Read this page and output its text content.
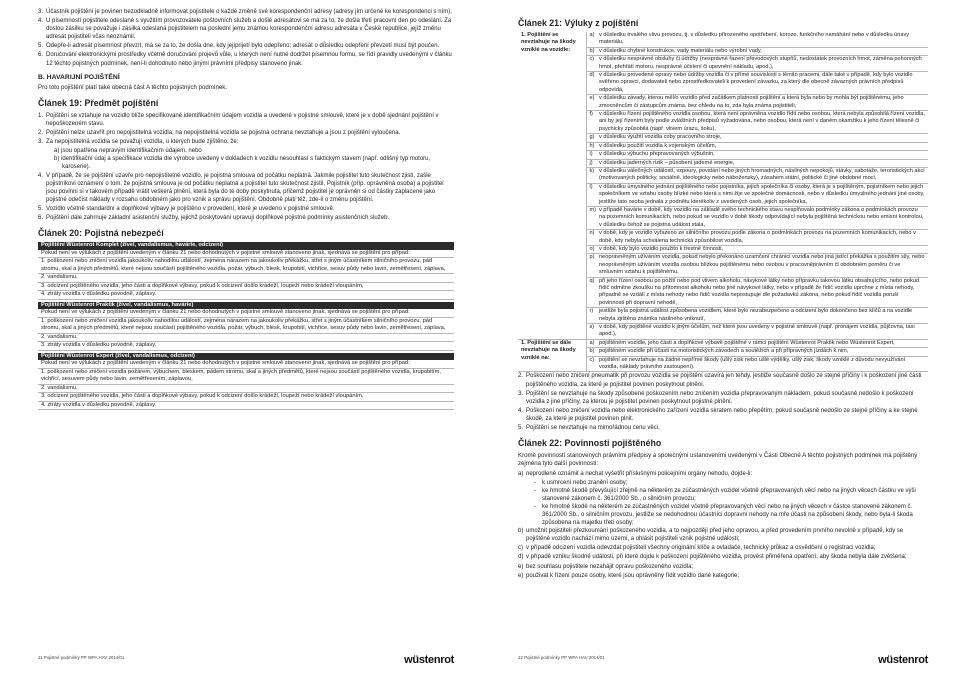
3. Účastník pojištění je povinen bezodkladně informovat pojistitele o každé změně své korespondenční adresy (adresy jím určené ke korespondenci s ním).
4. U písemností pojistitele odeslané s využitím provozovatele poštovních služeb a došlé adresátovi se má za to, že došla třetí pracovní den po odeslání. Za doslou zásilku se považuje i zásilka odeslaná pojistitelem na poslední jemu známou korespondenční adresu adresáta v České republice, jejíž změnu adresát pojistiteli včas neoznámil.
5. Odepře-li adresát písemnost převzít, má se za to, že došla dne, kdy jejíprijetí bylo odepřeno; adresát o důsledku odepření převzetí musí být poučen.
6. Doručování elektronickými prostředky včetně doručování projevů vůle, u kterých není nutné dodržet písemnou formu, se řídí pravidly uvedenými v článku 12 těchto pojistných podmínek, není-li dohodnuto nebo jinými právními předpisy stanoveno jinak.
B. HAVARIJNÍ POJIŠTĚNÍ
Pro toto pojištění platí také obecná část A těchto pojistných podmínek.
Článek 19: Předmět pojištění
1. Pojištění se vztahuje na vozidlo blíže specifikované identifikačním údajem vozidla a uvedené v pojistné smlouvě, které je v době sjednání pojištění v nepoškozeném stavu.
2. Pojištění nelze uzavřít pro nepojistitelná vozidla; na nepojistitelná vozidla se pojistná ochrana nevztahuje a jsou z pojištění vyloučena.
3. Za nepojistitelná vozidla se považují vozidla, u kterých bude zjištěno, že:
a) jsou opatřena nepravým identifikačním údajem, nebo
b) identifikační údaj a specifikace vozidla dle výrobce uvedený v dokladech k vozidlu nesouhlasí s faktickým stavem (např. odlišný typ motoru, karoserie).
4. V případě, že se pojištění uzavře pro nepojistitelné vozidlo, je pojistná smlouva od počátku neplatná. Jakmile pojistitel tuto skutečnost zjistí, zašle pojistníkovi oznámení o tom, že pojistná smlouva je od počátku neplatná a pojistitel tuto skutečnost zjistil. Pojistník (příp. oprávněná osoba) a pojistitel jsou povinni si v takovém případě vrátit veškerá plnění, která byla do té doby poskytnuta, přičemž pojistitel je oprávněn si od částky zaplacené jako pojistné odečíst náklady v rozsahu obdobném jako pro vznik a správu pojištění. Obdobně platí též, zde-li o změnu pojištění.
5. Vozidlo včetně standardní a doplňkové výbavy je pojištěno v provedení, které je uvedeno v pojistné smlouvě.
6. Pojištění dále zahrnuje základní asistenční služby, jejichž poskytování upravují doplňkové pojistné podmínky asistenčních služeb.
Článek 20: Pojistná nebezpečí
Pojištění Wüstenrot Komplet (živel, vandalismus, havárie, odcizení)
Pokud není ve výlukách z pojištění uvedeným v článku 21 nebo dohodnutých v pojistné smlouvě stanoveno jinak, sjednává se pojištění pro případ:
1. poškození nebo zničení vozidla jakoukoliv nahodilou událostí, zejména nárazem na jakoukoliv překážku, střet s jiným účastníkem silničního provozu, pád stromu, skal a jiných předmětů, které nejsou součástí pojištěného vozidla, požár, výbuch, blesk, krupobití, vichřice, sesuv půdy nebo lavin, zemětřesení, záplava,
2. vandalismu,
3. odcizení pojištěného vozidla, jeho části a doplňkové výbavy, pokud k odcizení došlo krádeží, loupeží nebo krádeží vloupáním,
4. ztráty vozidla v důsledku povodně, záplavy.
Pojištění Wüstenrot Praktik (živel, vandalismus, havárie)
Pokud není ve výlukách z pojištění uvedeným v článku 21 nebo dohodnutých v pojistné smlouvě stanoveno jinak, sjednává se pojištění pro případ:
1. poškození nebo zničení vozidla jakoukoliv nahodilou událostí, zejména nárazem na jakoukoliv překážku, střet s jiným účastníkem silničního provozu, pád stromu, skal a jiných předmětů, které nejsou součástí pojištěného vozidla, požár, výbuch, blesk, krupobití, vichřice, sesuv půdy nebo lavin, zemětřesení, záplava,
2. vandalismu,
3. ztráty vozidla v důsledku povodně, záplavy.
Pojištění Wüstenrot Expert (živel, vandalismus, odcizení)
Pokud není ve výlukách z pojištění uvedeným v článku 21 nebo dohodnutých v pojistné smlouvě stanoveno jinak, sjednává se pojištění pro případ:
1. poškození nebo zničení vozidla požárem, výbuchem, bleskem, pádem stromu, skal a jiných předmětů, které nejsou součástí pojištěného vozidla, krupobitím, vichřicí, sesuvem půdy nebo lavin, zemětřesením, záplavou,
2. vandalismu,
3. odcizení pojištěného vozidla, jeho části a doplňkové výbavy, pokud k odcizení došlo krádeží, loupeží nebo krádeží vloupáním,
4. ztráty vozidla v důsledku povodně, záplavy.
11 Pojistné podmínky PP WPA HAV 2014/01	wüstenrot
Článek 21: Výluky z pojištění
1. Pojištění se nevztahuje na škody vzniklé na vozidle:	a)	v důsledku trvalého vlivu provozu, tj. v důsledku přirozeného opotřebení, koroze, funkčního namáhání nebo v důsledku únavy materiálu,
	b)	v důsledku chybné konstrukce, vady materiálu nebo výrobní vady,
	c)	v důsledku nesprávné obsluhy či údržby (nesprávné řazení převodových stupňů, nedostatek provozních hmot, záměna pohonných hmot, přehřátí motoru, nesprávné účelení či upevnění nákladu, apod.),
	d)	v důsledku provedené opravy nebo údržby vozidla či v přímé souvislosti s těmito pracemi, dále také v případě, kdy bylo vozidlo svěřeno opravci, dodavateli nebo zprostředkovateli k provedení závazku, za který dle obecně závazných právních předpisů odpovídá,
	e)	v důsledku závady, kterou měl/o vozidlo před začátkem platnosti pojištění a která byla nebo by mohla být pojištěnému, jeho zmocněncům či zástupcům známa, bez ohledu na to, zda byla známa pojistiteli,
	f)	v důsledku řízení pojištěného vozidla osobou, která není oprávněna vozidlo řídit nebo osobou, která nebyla způsobilá řízení vozidla, ani by její řízením byly podle zvláštních předpisů vyžadována, nebo osobou, která není v daném okamžiku k jeho řízení tělesně či psychicky způsobilá (např. vlivem úrazu, šoku),
	g)	v důsledku využití vozidla coby pracovního stroje,
	h)	v důsledku použití vozidla k vojenským účelům,
	i)	v důsledku výbuchu přepravovaných výbušnin,
	j)	v důsledku jaderných rizik – působení jaderné energie,
	k)	v důsledku válečných událostí, vzpoury, povstání nebo jiných hromadných, násilných nepokojů, stávky, sabotáže, teroristických akcí (motivovaných politicky, sociálně, ideologicky nebo nábožensky), zásahem státní, politické či jiné obdobné moci,
	l)	v důsledku úmyslného jednání pojištěného nebo pojistníka, jejich společníka či osoby, která je s pojištěným, pojistníkem nebo jejich společníkem ve vztahu osoby blízké nebo která s nimi žije ve společné domácnosti, nebo v důsledku úmyslného jednání jiné osoby, jestliže tato osoba jednala z podnětu kterékoliv z uvedených osob, jejich společníka,
	m)	v případě havárie v době, kdy vozidlo na základě svého technického stavu nesplňovalo podmínky zákona o podmínkách provozu na pozemních komunikacích, nebo pokud se vozidlo v době škody odpovídající nebyla pojištěná technickou nebo emisní kontrolou, v důsledku čehož se pojistná událost stala,
	n)	v době, kdy je vozidlo vyřazeno ze silničního provozu podle zákona o podmínkách provozu na pozemních komunikacích, nebo v době, kdy nebyla schválena technická způsobilost vozidla,
	o)	v době, kdy bylo vozidlo použito k trestné činnosti,
	p)	neoprávněným užíváním vozidla, pokud nebylo překonáno uzamčení chránicí vozidla nebo jiná jistící překážka s použitím síly, nebo neoprávněným užíváním vozidla osobou blízkou pojištěnému nebo osobou v pracovněprávním či obdobném poměru či ve smluvním vztahu k pojištěnému,
	q)	při jeho řízení osobou po požití nebo pod vlivem alkoholu, návykové látky nebo přípravku takovou látku obsahujícího, nebo pokud řidič odmítne zkoušku na přítomnost alkoholu nebo jiné návykové látky, nebo v případě že řidič vozidla uprchne z místa nehody, případně se vzdálí z místa nehody nebo řidič vozidla nepostupuje dle požadavků zákona, nebo pokud řidič vozidla poruší povinnosti při dopravní nehodě,
	r)	jestliže byla pojistná událost způsobena vozidlem, které bylo nezabezpečeno a odcizení bylo dokončeno bez klíčů a na vozidle nebyla zjištěna známka násilného vniknutí,
	s)	v době, kdy pojištěné vozidlo k jiným účelům, než které jsou uvedeny v pojistné smlouvě (např. pronájem vozidla, půjčovna, taxi apod.),
1. Pojištění se dále nevztahuje na škody vzniklé na:	a)	pojištěném vozidle, jeho části a doplňkové výbavě pojištěné v rámci pojištění Wüstenrot Praktik nebo Wüstenrot Expert,
	b)	pojištěném vozidle při účasti na motoristických závodech a soutěžích a při přípravných jízdách k nim,
	c)	pojištění se nevztahuje na žádné nepřímé škody (ušlý zisk nebo ušlé výdělky, ušlý zisk, škody vzniklé z důvodu nevyužívání vozidla, náklady právního zastoupení).
2. Poškození nebo zničení pneumatik při provozu vozidla se pojištění uzavírá jen tehdy, jestliže současně došlo ze stejné příčiny i k poškození jiné části pojištěného vozidla, za které je pojistitel povinen poskytnout plnění.
3. Pojištění se nevztahuje na škody způsobené poškozením nebo zničením vozidla přepravovaným nákladem, pokud současně nedošlo k poškození vozidla z jiné příčiny, za kterou je pojistitel povinen poskytnout pojistné plnění.
4. Poškození nebo zničení vozidla nebo elektronického zařízení vozidla skratem nebo přepětím, pokud současně nedošlo ze stejné příčiny a ke stejné škodě, za které je pojistitel povinen plnit.
5. Pojištění se nevztahuje na mimořádnou cenu věci.
Článek 22: Povinnosti pojištěného
Kromě povinností stanovených právními předpisy a společnými ustanoveními uvedenými v Části Obecné A těchto pojistných podmínek má pojištěný zejména tyto další povinnosti:
a) neprodleně oznámit a nechat vyšetřit příslušnými policejními orgány nehodu, dojde-li:
- k usmrcení nebo zranění osoby;
- ke hmotné škodě převyšující zřejmě na některém ze zúčastněných vozidel včetně přepravovaných věcí nebo na jiných věcech částku ve výši stanovené zákonem č. 361/2000 Sb., o silničním provozu;
- ke hmotné škodě na některém ze zúčastněných vozidel včetně přepravovaných věcí nebo na jiných věcech v částce stanovené zákonem č. 361/2000 Sb., o silničním provozu, jestliže se nedohodnou účastníci dopravní nehody na mře účasti na způsobení škody, nebo byla-li škoda způsobena na majetku třetí osoby;
b) umožnit pojistiteli přezkoumání poškozeného vozidla, a to nejpozději před jeho opravou, a před provedením prvního nevolně v případě, kdy se pojištěné vozidlo nachází mimo území, a ohlásit pojistiteli vznik pojistné události;
c) v případě odcizení vozidla odevzdat pojistiteli všechny originální klíče a ovladače, technický průkaz a osvědčení o registraci vozidla;
d) v případě vzniku škodné události, při které dojde k poškození pojištěného vozidla, provést přiměřená opatření, aby škoda nebyla dále zvětšena;
e) bez souhlasu pojistitele nezahájit opravu poškozeného vozidla;
e) použivat k řízení pouze osoby, které jsou oprávněny řídit vozidlo dané kategorie;
12 Pojistné podmínky PP WPA HAV 2014/01	wüstenrot
